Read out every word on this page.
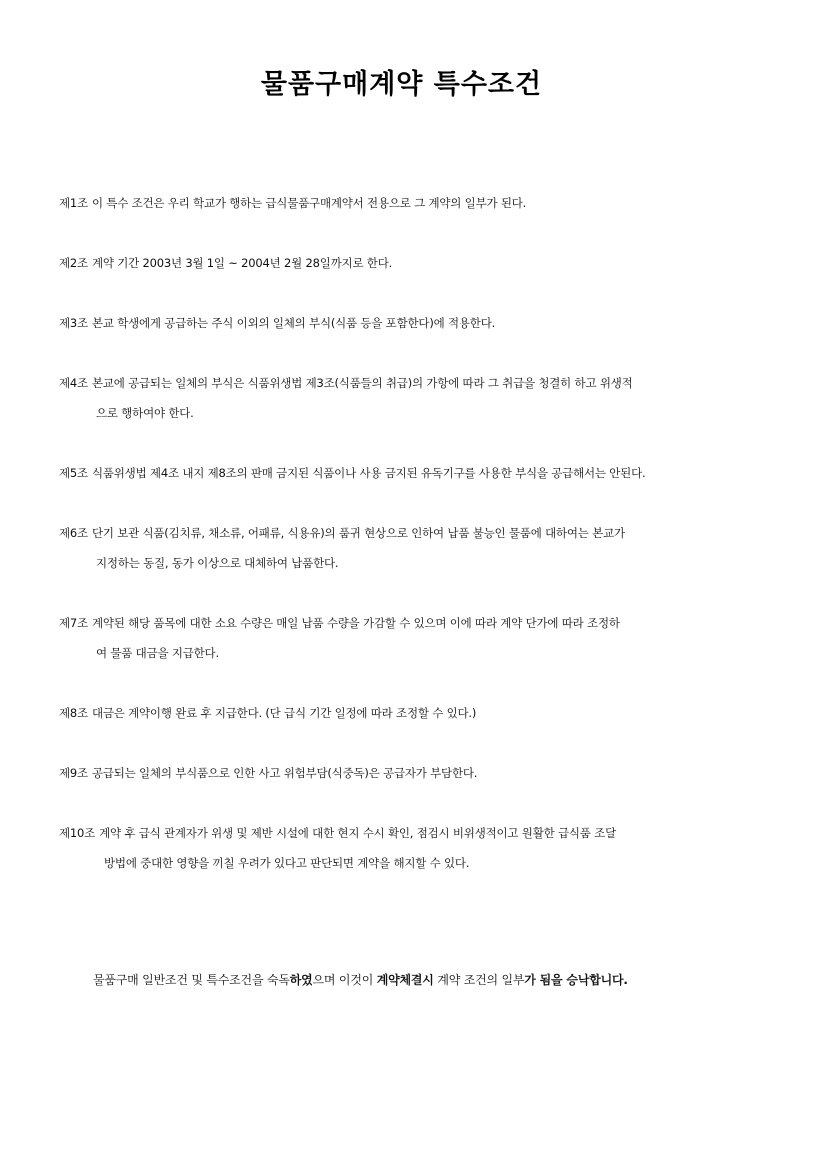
물품구매계약 특수조건
제1조 이 특수 조건은 우리 학교가 행하는 급식물품구매계약서 전용으로 그 계약의 일부가 된다.
제2조 계약 기간 2003년 3월 1일 ~ 2004년 2월 28일까지로 한다.
제3조 본교 학생에게 공급하는 주식 이외의 일체의 부식(식품 등을 포함한다)에 적용한다.
제4조 본교에 공급되는 일체의 부식은 식품위생법 제3조(식품들의 취급)의 가항에 따라 그 취급을 청결히 하고 위생적
으로 행하여야 한다.
제5조 식품위생법 제4조 내지 제8조의 판매 금지된 식품이나 사용 금지된 유독기구를 사용한 부식을 공급해서는 안된다.
제6조 단기 보관 식품(김치류, 채소류, 어패류, 식용유)의 품귀 현상으로 인하여 납품 불능인 물품에 대하여는 본교가
지정하는 동질, 동가 이상으로 대체하여 납품한다.
제7조 계약된 해당 품목에 대한 소요 수량은 매일 납품 수량을 가감할 수 있으며 이에 따라 계약 단가에 따라 조정하
여 물품 대금을 지급한다.
제8조 대금은 계약이행 완료 후 지급한다. (단 급식 기간 일정에 따라 조정할 수 있다.)
제9조 공급되는 일체의 부식품으로 인한 사고 위험부담(식중독)은 공급자가 부담한다.
제10조 계약 후 급식 관계자가 위생 및 제반 시설에 대한 현지 수시 확인, 점검시 비위생적이고 원활한 급식품 조달
방법에 중대한 영향을 끼칠 우려가 있다고 판단되면 계약을 해지할 수 있다.
물품구매 일반조건 및 특수조건을 숙독하였으며 이것이 계약체결시 계약 조건의 일부가 됨을 승낙합니다.
